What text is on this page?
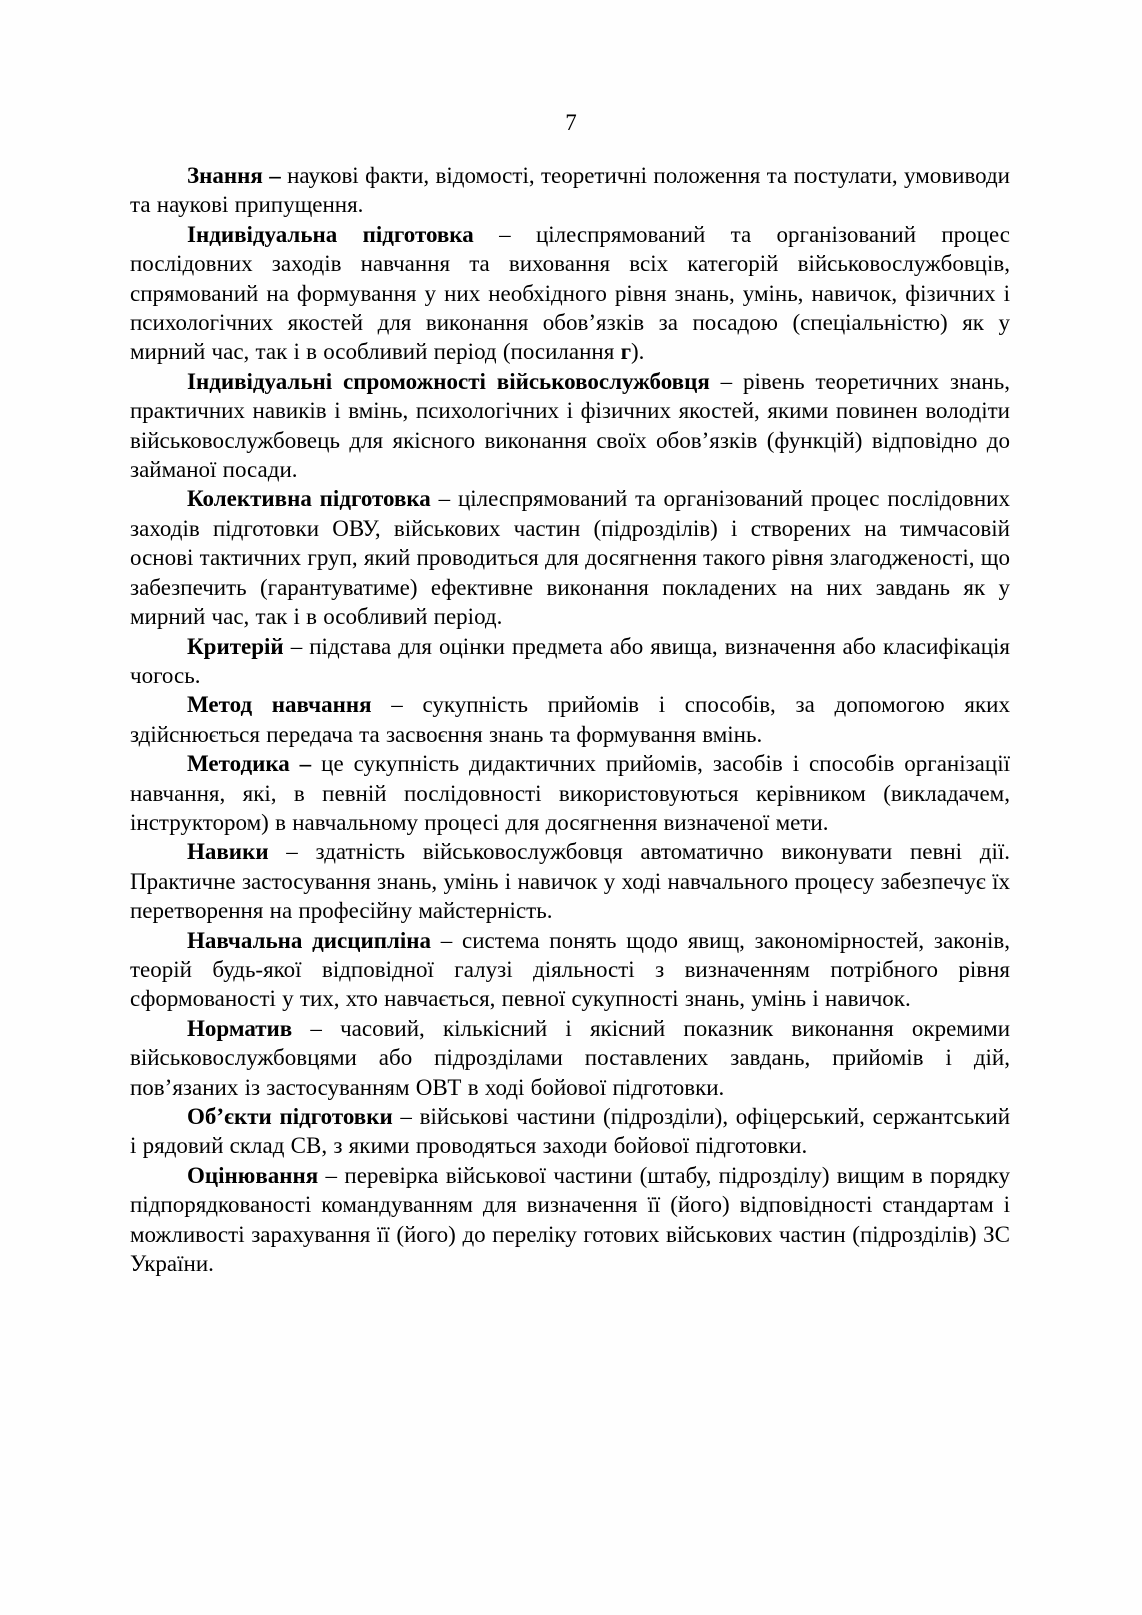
7

Знання – наукові факти, відомості, теоретичні положення та постулати, умовиводи та наукові припущення.

Індивідуальна підготовка – цілеспрямований та організований процес послідовних заходів навчання та виховання всіх категорій військовослужбовців, спрямований на формування у них необхідного рівня знань, умінь, навичок, фізичних і психологічних якостей для виконання обов’язків за посадою (спеціальністю) як у мирний час, так і в особливий період (посилання г).

Індивідуальні спроможності військовослужбовця – рівень теоретичних знань, практичних навиків і вмінь, психологічних і фізичних якостей, якими повинен володіти військовослужбовець для якісного виконання своїх обов’язків (функцій) відповідно до займаної посади.

Колективна підготовка – цілеспрямований та організований процес послідовних заходів підготовки ОВУ, військових частин (підрозділів) і створених на тимчасовій основі тактичних груп, який проводиться для досягнення такого рівня злагодженості, що забезпечить (гарантуватиме) ефективне виконання покладених на них завдань як у мирний час, так і в особливий період.

Критерій – підстава для оцінки предмета або явища, визначення або класифікація чогось.

Метод навчання – сукупність прийомів і способів, за допомогою яких здійснюється передача та засвоєння знань та формування вмінь.

Методика – це сукупність дидактичних прийомів, засобів і способів організації навчання, які, в певній послідовності використовуються керівником (викладачем, інструктором) в навчальному процесі для досягнення визначеної мети.

Навики – здатність військовослужбовця автоматично виконувати певні дії. Практичне застосування знань, умінь і навичок у ході навчального процесу забезпечує їх перетворення на професійну майстерність.

Навчальна дисципліна – система понять щодо явищ, закономірностей, законів, теорій будь-якої відповідної галузі діяльності з визначенням потрібного рівня сформованості у тих, хто навчається, певної сукупності знань, умінь і навичок.

Норматив – часовий, кількісний і якісний показник виконання окремими військовослужбовцями або підрозділами поставлених завдань, прийомів і дій, пов’язаних із застосуванням ОВТ в ході бойової підготовки.

Об’єкти підготовки – військові частини (підрозділи), офіцерський, сержантський і рядовий склад СВ, з якими проводяться заходи бойової підготовки.

Оцінювання – перевірка військової частини (штабу, підрозділу) вищим в порядку підпорядкованості командуванням для визначення її (його) відповідності стандартам і можливості зарахування її (його) до переліку готових військових частин (підрозділів) ЗС України.
